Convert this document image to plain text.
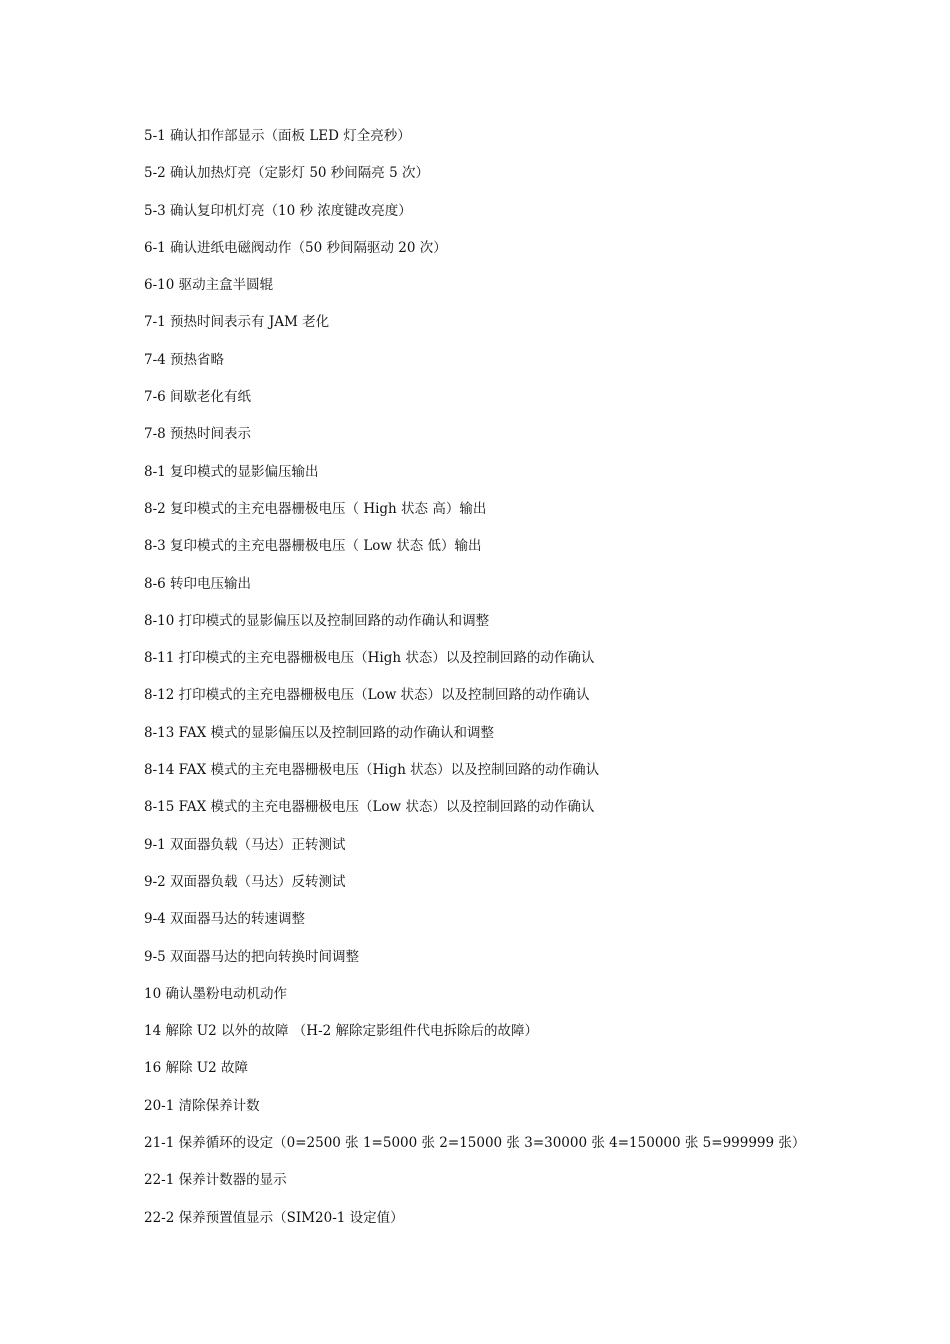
5-1 确认扣作部显示（面板 LED 灯全亮秒）
5-2 确认加热灯亮（定影灯 50 秒间隔亮 5 次）
5-3 确认复印机灯亮（10 秒 浓度键改亮度）
6-1 确认进纸电磁阀动作（50 秒间隔驱动 20 次）
6-10 驱动主盒半圆辊
7-1 预热时间表示有 JAM 老化
7-4 预热省略
7-6 间歇老化有纸
7-8 预热时间表示
8-1 复印模式的显影偏压输出
8-2 复印模式的主充电器栅极电压（ High 状态 高）输出
8-3 复印模式的主充电器栅极电压（ Low 状态 低）输出
8-6 转印电压输出
8-10 打印模式的显影偏压以及控制回路的动作确认和调整
8-11 打印模式的主充电器栅极电压（High 状态）以及控制回路的动作确认
8-12 打印模式的主充电器栅极电压（Low 状态）以及控制回路的动作确认
8-13 FAX 模式的显影偏压以及控制回路的动作确认和调整
8-14 FAX 模式的主充电器栅极电压（High 状态）以及控制回路的动作确认
8-15 FAX 模式的主充电器栅极电压（Low 状态）以及控制回路的动作确认
9-1 双面器负载（马达）正转测试
9-2 双面器负载（马达）反转测试
9-4 双面器马达的转速调整
9-5 双面器马达的把向转换时间调整
10 确认墨粉电动机动作
14 解除 U2 以外的故障 （H-2 解除定影组件代电拆除后的故障）
16 解除 U2 故障
20-1 清除保养计数
21-1 保养循环的设定（0=2500 张 1=5000 张 2=15000 张 3=30000 张 4=150000 张 5=999999 张）
22-1 保养计数器的显示
22-2 保养预置值显示（SIM20-1 设定值）
